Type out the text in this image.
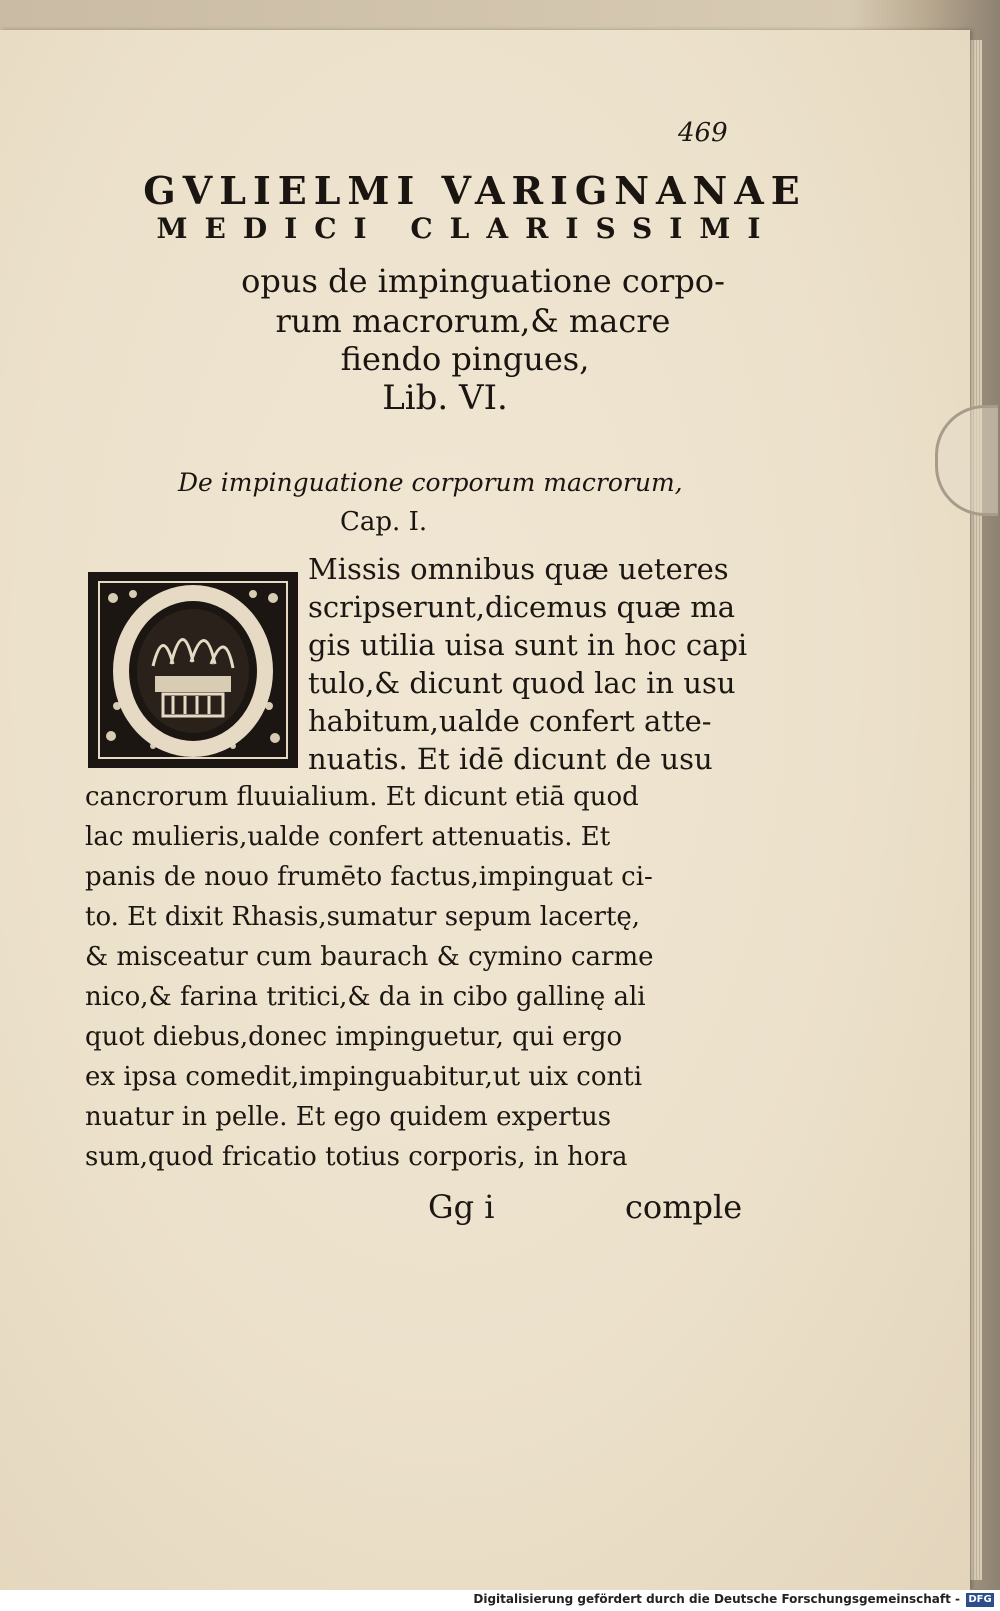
469
GVLIELMI VARIGNANAE
MEDICI CLARISSIMI
opus de impinguatione corpo-
rum macrorum,& macre
fiendo pingues,
Lib. VI.
De impinguatione corporum macrorum,
Cap. I.
Missis omnibus quæ ueteres
scripserunt,dicemus quæ ma
gis utilia uisa sunt in hoc capi
tulo,& dicunt quod lac in usu
habitum,ualde confert atte-
nuatis. Et idē dicunt de usu
cancrorum fluuialium. Et dicunt etiā quod
lac mulieris,ualde confert attenuatis. Et
panis de nouo frumēto factus,impinguat ci-
to. Et dixit Rhasis,sumatur sepum lacertę,
& misceatur cum baurach & cymino carme
nico,& farina tritici,& da in cibo gallinę ali
quot diebus,donec impinguetur, qui ergo
ex ipsa comedit,impinguabitur,ut uix conti
nuatur in pelle. Et ego quidem expertus
sum,quod fricatio totius corporis, in hora
Gg i	comple
Digitalisierung gefördert durch die Deutsche Forschungsgemeinschaft - DFG
